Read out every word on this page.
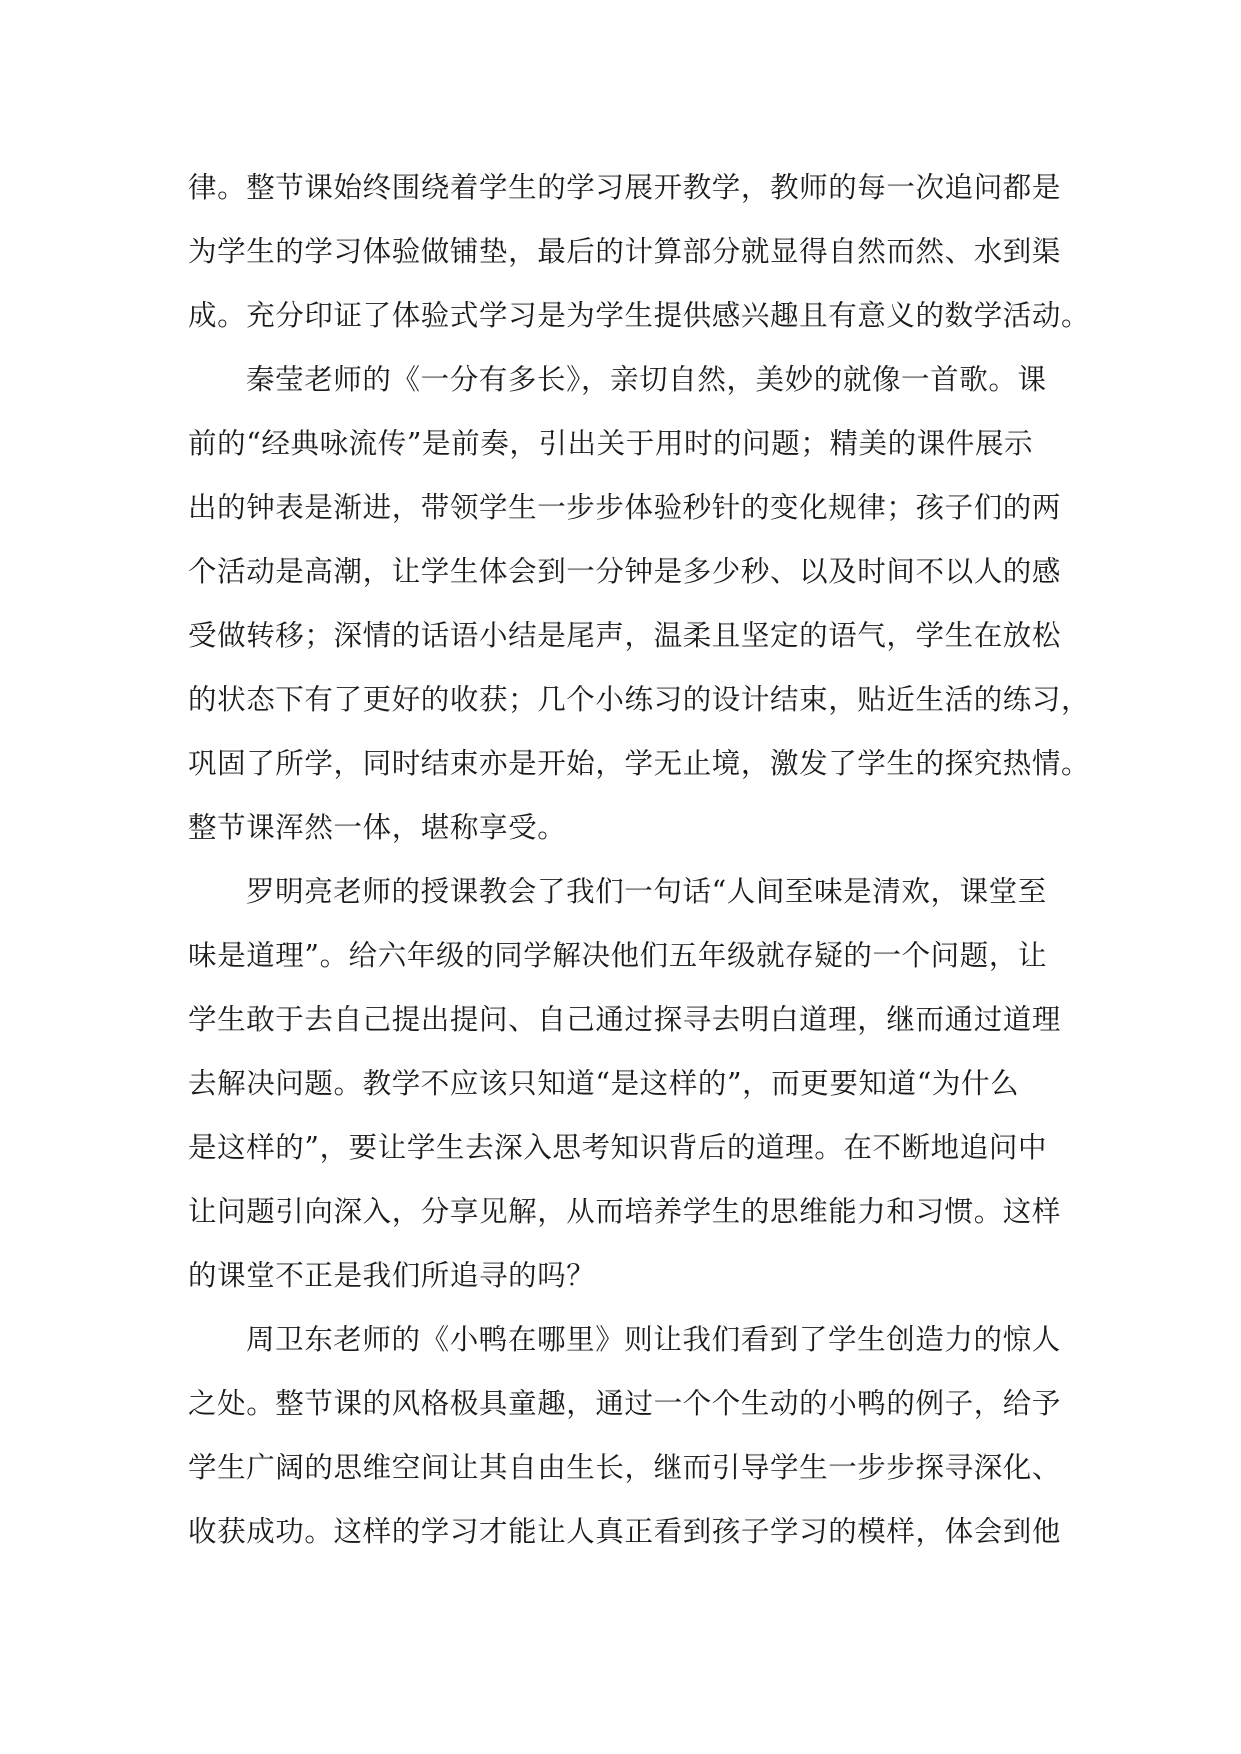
律。整节课始终围绕着学生的学习展开教学，教师的每一次追问都是
为学生的学习体验做铺垫，最后的计算部分就显得自然而然、水到渠
成。充分印证了体验式学习是为学生提供感兴趣且有意义的数学活动。
秦莹老师的《一分有多长》，亲切自然，美妙的就像一首歌。课
前的“经典咏流传”是前奏，引出关于用时的问题；精美的课件展示
出的钟表是渐进，带领学生一步步体验秒针的变化规律；孩子们的两
个活动是高潮，让学生体会到一分钟是多少秒、以及时间不以人的感
受做转移；深情的话语小结是尾声，温柔且坚定的语气，学生在放松
的状态下有了更好的收获；几个小练习的设计结束，贴近生活的练习，
巩固了所学，同时结束亦是开始，学无止境，激发了学生的探究热情。
整节课浑然一体，堪称享受。
罗明亮老师的授课教会了我们一句话“人间至味是清欢，课堂至
味是道理”。给六年级的同学解决他们五年级就存疑的一个问题，让
学生敢于去自己提出提问、自己通过探寻去明白道理，继而通过道理
去解决问题。教学不应该只知道“是这样的”，而更要知道“为什么
是这样的”，要让学生去深入思考知识背后的道理。在不断地追问中
让问题引向深入，分享见解，从而培养学生的思维能力和习惯。这样
的课堂不正是我们所追寻的吗？
周卫东老师的《小鸭在哪里》则让我们看到了学生创造力的惊人
之处。整节课的风格极具童趣，通过一个个生动的小鸭的例子，给予
学生广阔的思维空间让其自由生长，继而引导学生一步步探寻深化、
收获成功。这样的学习才能让人真正看到孩子学习的模样，体会到他
